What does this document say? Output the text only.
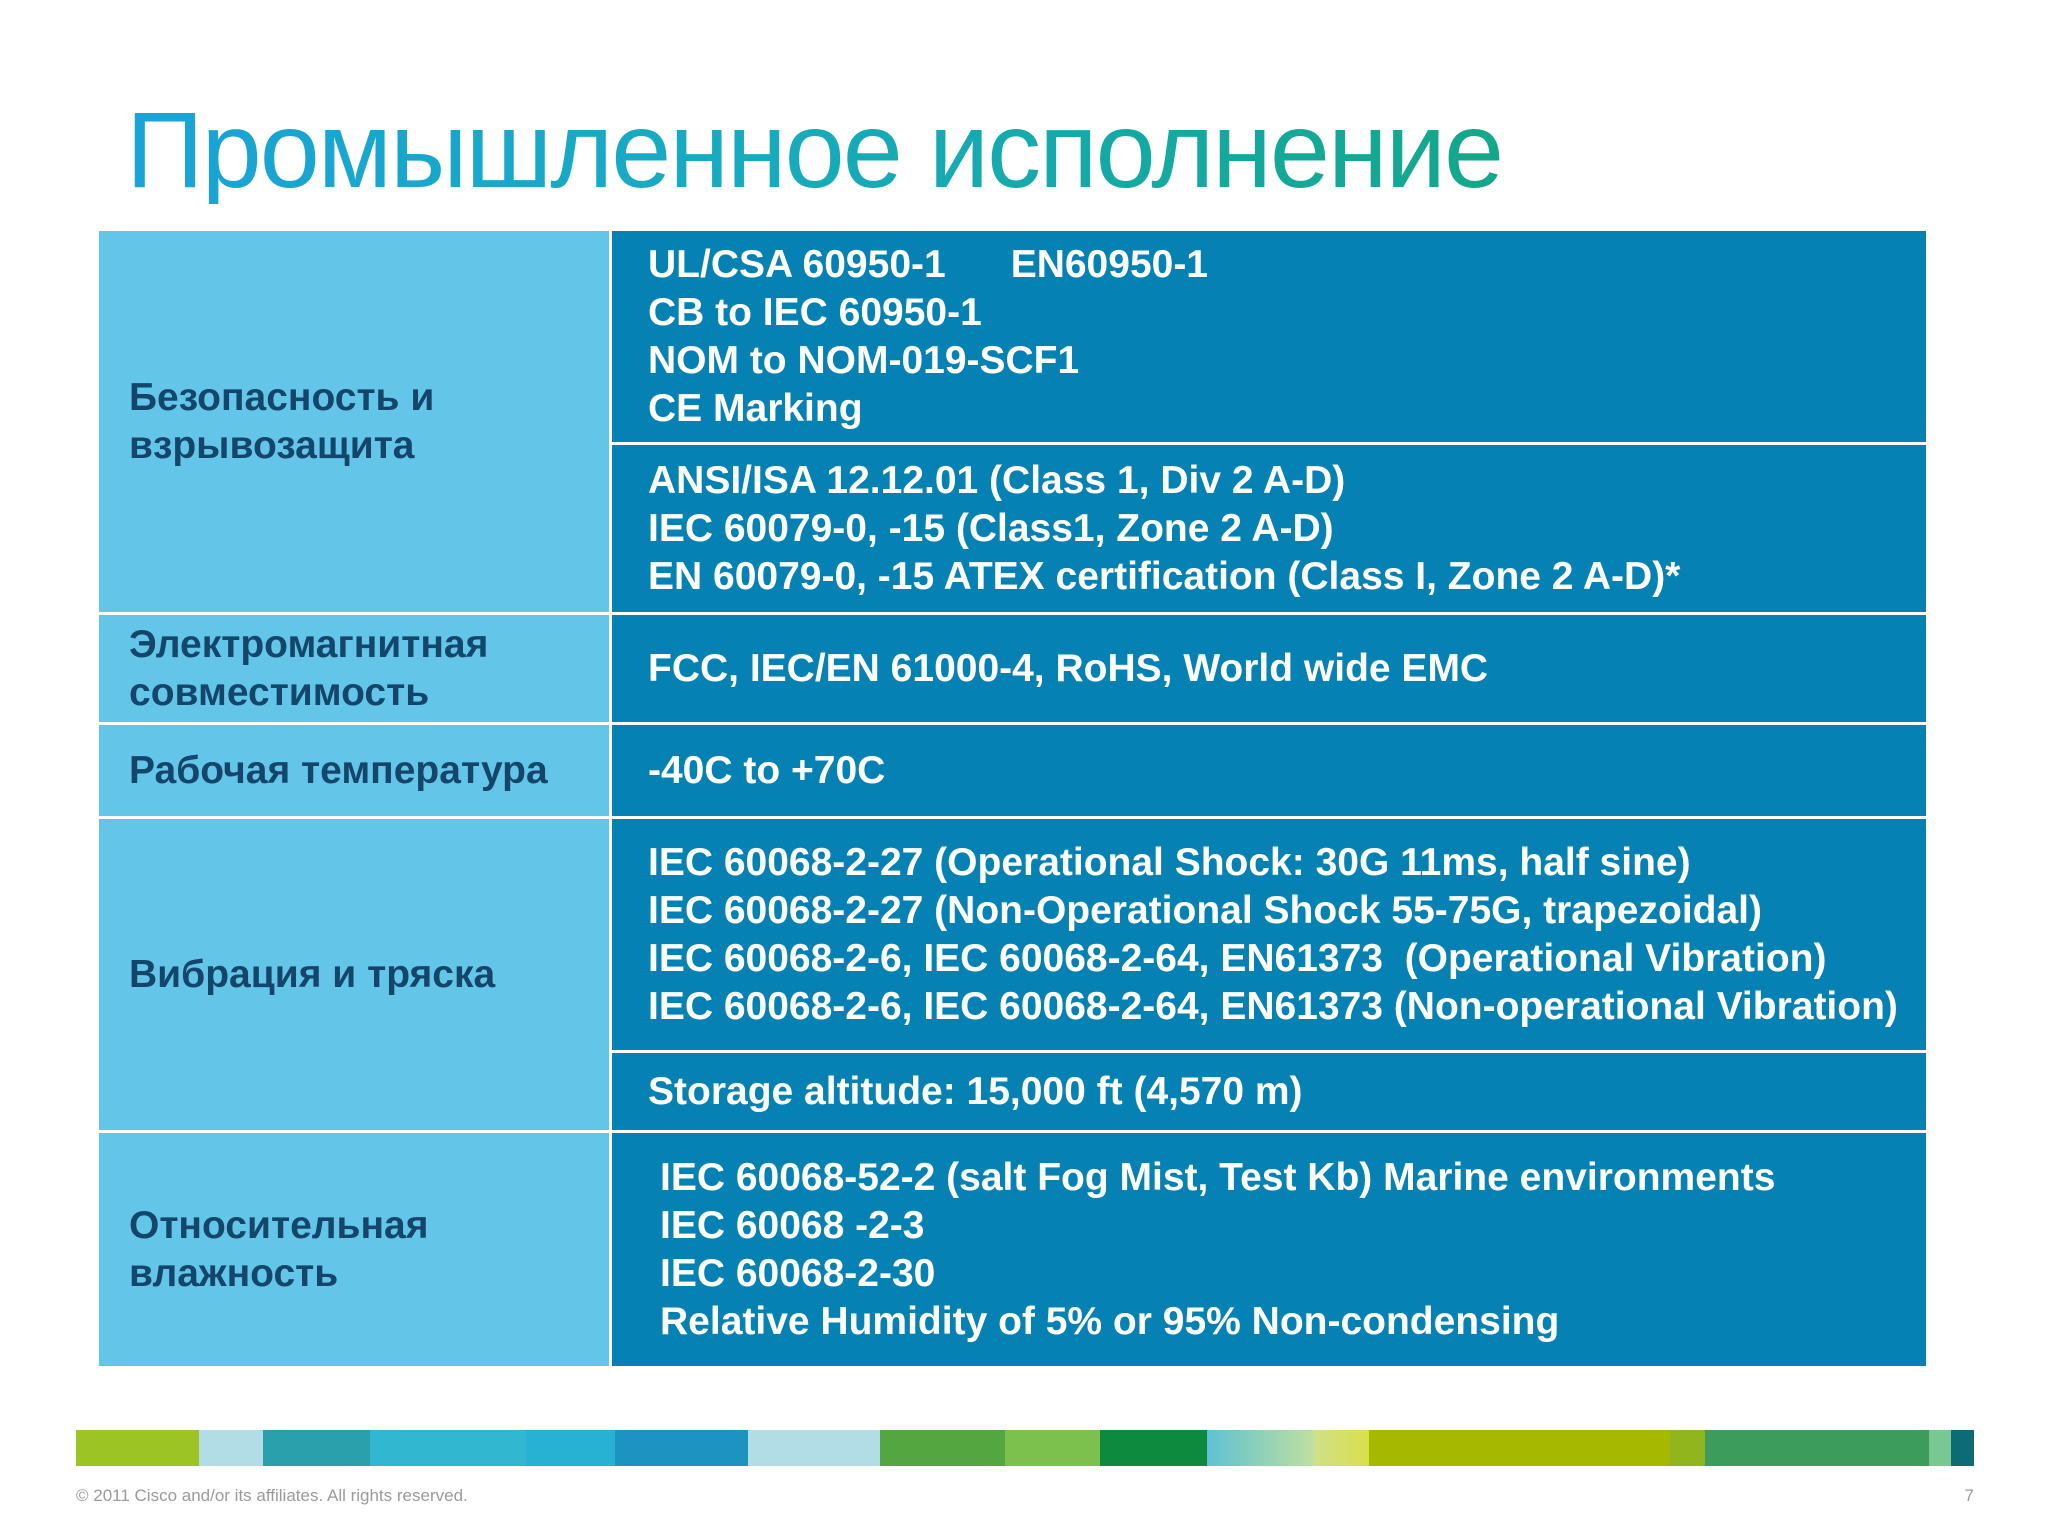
Промышленное исполнение
Безопасность и
взрывозащита	UL/CSA 60950-1      EN60950-1
CB to IEC 60950-1
NOM to NOM-019-SCF1
CE Marking

	ANSI/ISA 12.12.01 (Class 1, Div 2 A-D)
IEC 60079-0, -15 (Class1, Zone 2 A-D)
EN 60079-0, -15 ATEX certification (Class I, Zone 2 A-D)*

Электромагнитная
совместимость	FCC, IEC/EN 61000-4, RoHS, World wide EMC

Рабочая температура	-40C to +70C

Вибрация и тряска	IEC 60068-2-27 (Operational Shock: 30G 11ms, half sine)
IEC 60068-2-27 (Non-Operational Shock 55-75G, trapezoidal)
IEC 60068-2-6, IEC 60068-2-64, EN61373  (Operational Vibration)
IEC 60068-2-6, IEC 60068-2-64, EN61373 (Non-operational Vibration)

	Storage altitude: 15,000 ft (4,570 m)

Относительная
влажность	IEC 60068-52-2 (salt Fog Mist, Test Kb) Marine environments
IEC 60068 -2-3
IEC 60068-2-30
Relative Humidity of 5% or 95% Non-condensing
© 2011 Cisco and/or its affiliates. All rights reserved.	7
